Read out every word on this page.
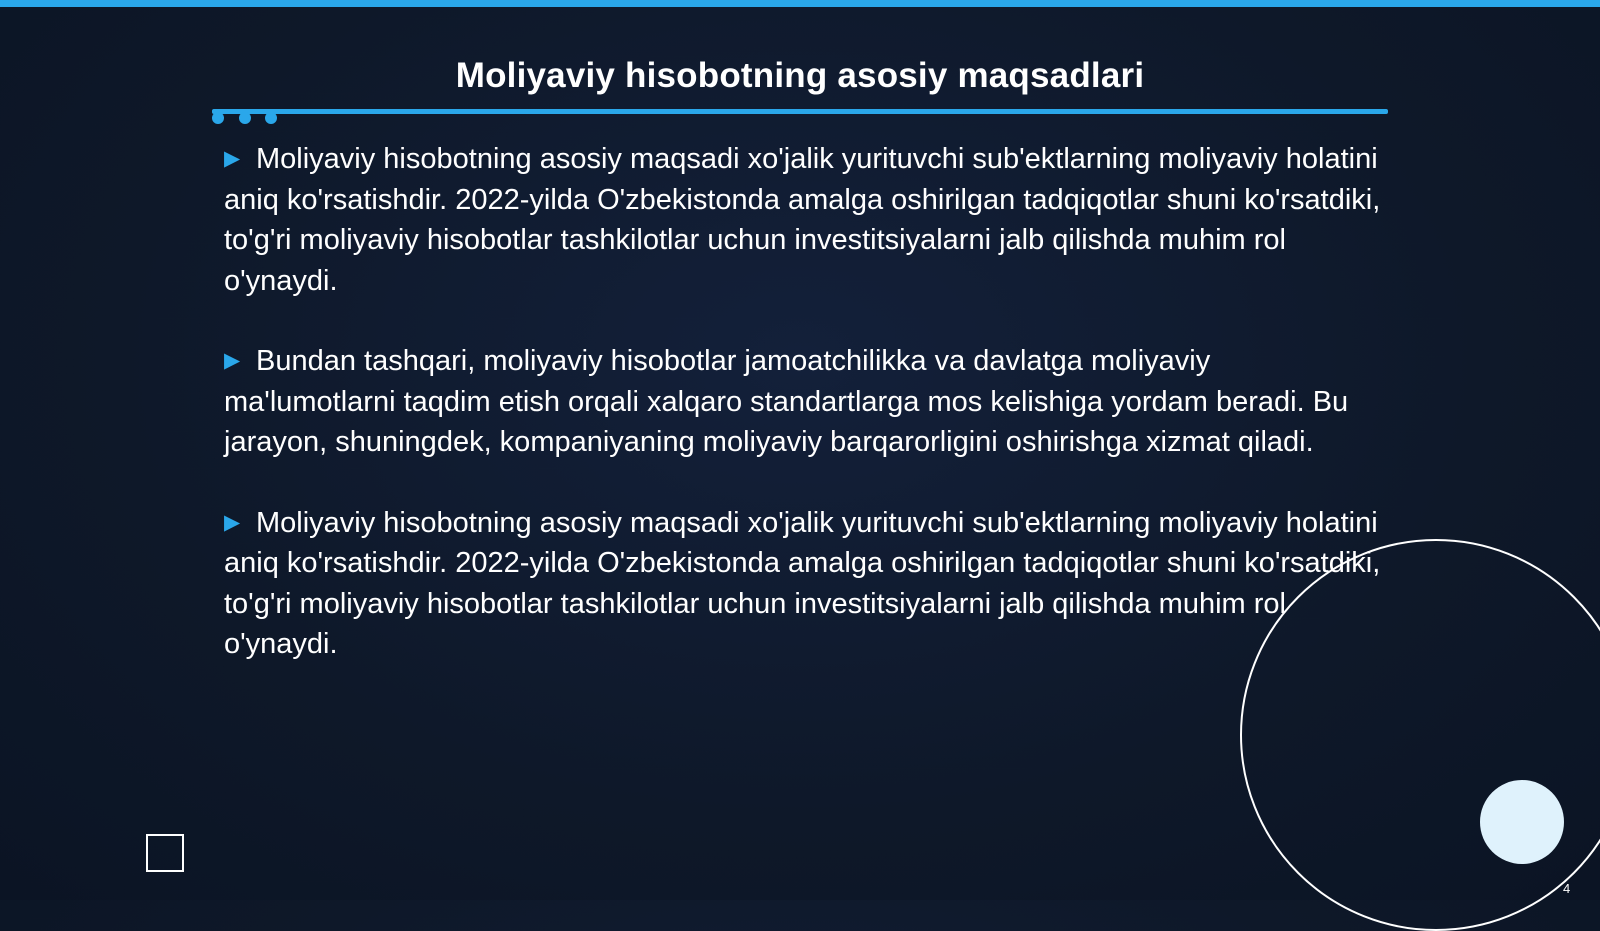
Moliyaviy hisobotning asosiy maqsadlari

▶ Moliyaviy hisobotning asosiy maqsadi xo'jalik yurituvchi sub'ektlarning moliyaviy holatini aniq ko'rsatishdir. 2022-yilda O'zbekistonda amalga oshirilgan tadqiqotlar shuni ko'rsatdiki, to'g'ri moliyaviy hisobotlar tashkilotlar uchun investitsiyalarni jalb qilishda muhim rol o'ynaydi.

▶ Bundan tashqari, moliyaviy hisobotlar jamoatchilikka va davlatga moliyaviy ma'lumotlarni taqdim etish orqali xalqaro standartlarga mos kelishiga yordam beradi. Bu jarayon, shuningdek, kompaniyaning moliyaviy barqarorligini oshirishga xizmat qiladi.

▶ Moliyaviy hisobotning asosiy maqsadi xo'jalik yurituvchi sub'ektlarning moliyaviy holatini aniq ko'rsatishdir. 2022-yilda O'zbekistonda amalga oshirilgan tadqiqotlar shuni ko'rsatdiki, to'g'ri moliyaviy hisobotlar tashkilotlar uchun investitsiyalarni jalb qilishda muhim rol o'ynaydi.

4
